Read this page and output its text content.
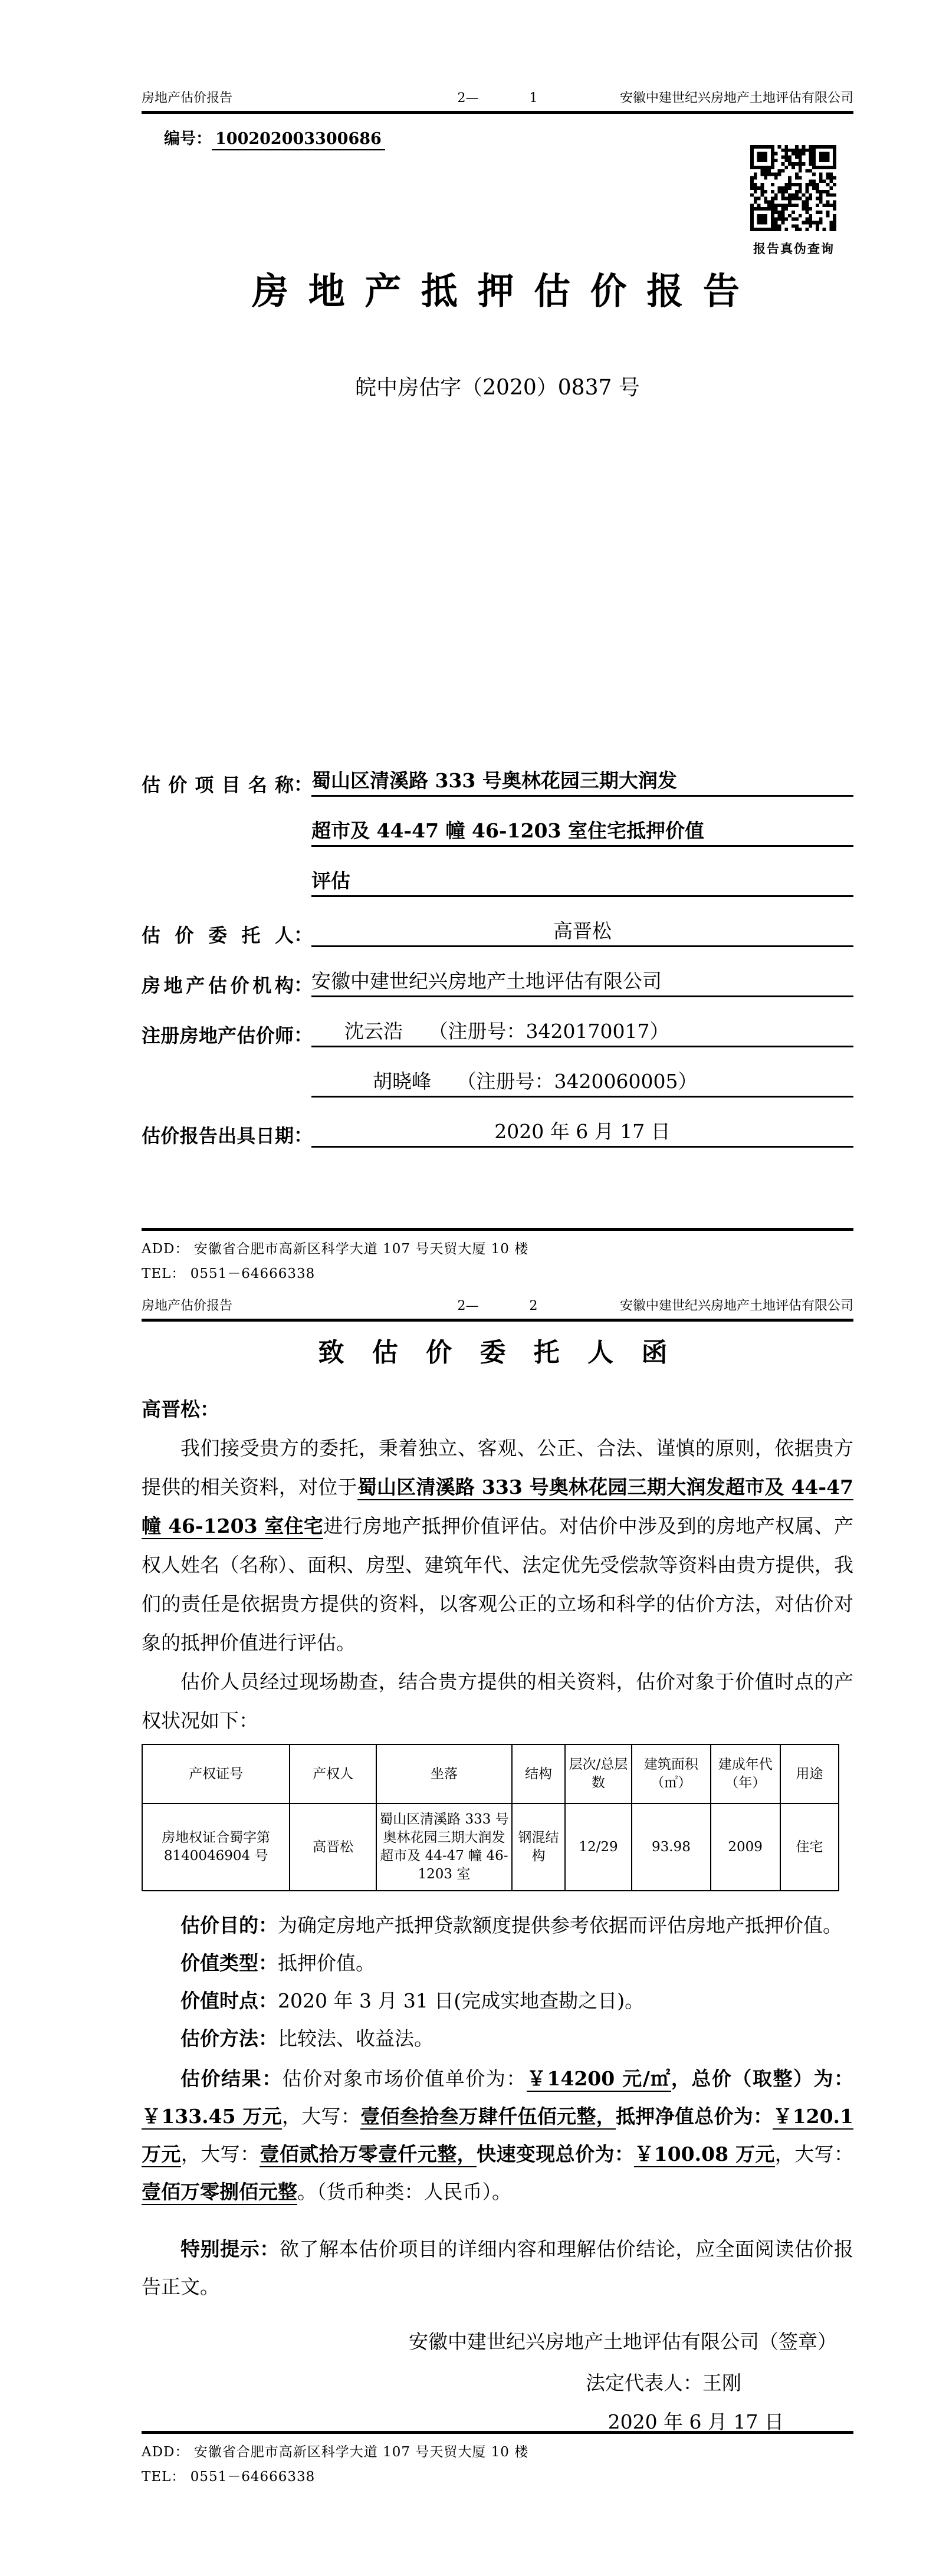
房地产估价报告	2—	1	安徽中建世纪兴房地产土地评估有限公司
编号： 100202003300686
房 地 产 抵 押 估 价 报 告
皖中房估字（2020）0837 号
估 价 项 目 名 称 ：
蜀山区清溪路 333 号奥林花园三期大润发
超市及 44-47 幢 46-1203 室住宅抵押价值
评估
估 价 委 托 人 ：	高晋松
房地产估价机构 ：
安徽中建世纪兴房地产土地评估有限公司
注册房地产估价师 ：	沈云浩　 （注册号：3420170017）
胡晓峰　 （注册号：3420060005）
估价报告出具日期 ：	2020 年 6 月 17 日
报告真伪查询
ADD： 安徽省合肥市高新区科学大道 107 号天贸大厦 10 楼
TEL： 0551－64666338
房地产估价报告	2—	2	安徽中建世纪兴房地产土地评估有限公司
致 估 价 委 托 人 函
高晋松：

我们接受贵方的委托，秉着独立、客观、公正、合法、谨慎的原则，依据贵方提供的相关资料，对位于蜀山区清溪路 333 号奥林花园三期大润发超市及 44-47 幢 46-1203 室住宅进行房地产抵押价值评估。对估价中涉及到的房地产权属、产权人姓名（名称）、面积、房型、建筑年代、法定优先受偿款等资料由贵方提供，我们的责任是依据贵方提供的资料，以客观公正的立场和科学的估价方法，对估价对象的抵押价值进行评估。

估价人员经过现场勘查，结合贵方提供的相关资料，估价对象于价值时点的产权状况如下：

产权证号	产权人	坐落	结构	层次/总层数	建筑面积（㎡）	建成年代（年）	用途
房地权证合蜀字第 8140046904 号	高晋松	蜀山区清溪路 333 号奥林花园三期大润发超市及 44-47 幢 46-1203 室	钢混结构	12/29	93.98	2009	住宅

估价目的：为确定房地产抵押贷款额度提供参考依据而评估房地产抵押价值。

价值类型：抵押价值。

价值时点：2020 年 3 月 31 日(完成实地查勘之日)。

估价方法：比较法、收益法。

估价结果：估价对象市场价值单价为：￥14200 元/㎡，总价（取整）为：￥133.45 万元，大写：壹佰叁拾叁万肆仟伍佰元整，抵押净值总价为：￥120.1 万元，大写：壹佰贰拾万零壹仟元整，快速变现总价为：￥100.08 万元，大写：壹佰万零捌佰元整。（货币种类：人民币）。

特别提示：欲了解本估价项目的详细内容和理解估价结论，应全面阅读估价报告正文。

安徽中建世纪兴房地产土地评估有限公司（签章）
法定代表人：王刚
2020 年 6 月 17 日
ADD： 安徽省合肥市高新区科学大道 107 号天贸大厦 10 楼
TEL： 0551－64666338
